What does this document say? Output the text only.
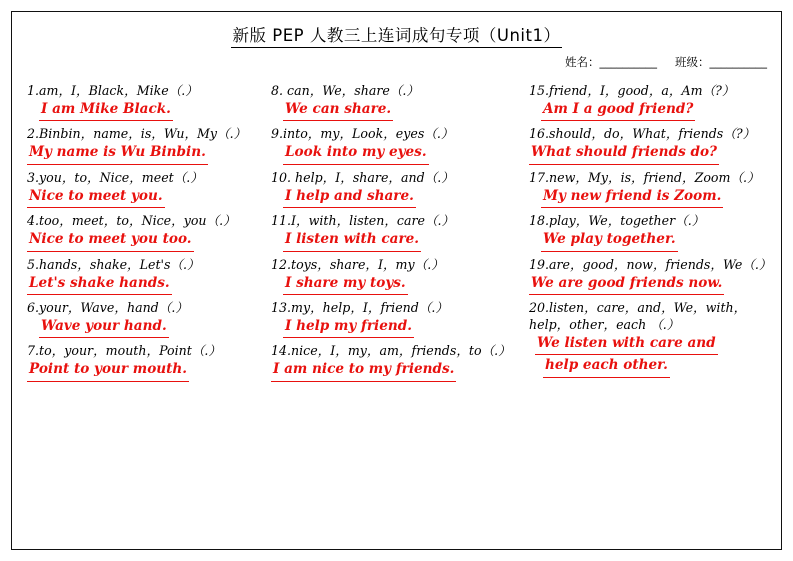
新版 PEP 人教三上连词成句专项（Unit1）
姓名：__________ 班级：__________
1.am，I，Black，Mike（.）
I am Mike Black.
2.Binbin，name，is，Wu，My（.）
My name is Wu Binbin.
3.you，to，Nice，meet（.）
Nice to meet you.
4.too，meet，to，Nice，you（.）
Nice to meet you too.
5.hands，shake，Let's（.）
Let's shake hands.
6.your，Wave，hand（.）
Wave your hand.
7.to，your，mouth，Point（.）
Point to your mouth.
8. can，We，share（.）
We can share.
9.into，my，Look，eyes（.）
Look into my eyes.
10. help，I，share，and（.）
I help and share.
11.I，with，listen，care（.）
I listen with care.
12.toys，share，I，my（.）
I share my toys.
13.my，help，I，friend（.）
I help my friend.
14.nice，I，my，am，friends，to（.）
I am nice to my friends.
15.friend，I，good，a，Am（?）
Am I a good friend?
16.should，do，What，friends（?）
What should friends do?
17.new，My，is，friend，Zoom（.）
My new friend is Zoom.
18.play，We，together（.）
We play together.
19.are，good，now，friends，We（.）
We are good friends now.
20.listen，care，and，We，with，
help，other，each （.）
We listen with care and
help each other.
